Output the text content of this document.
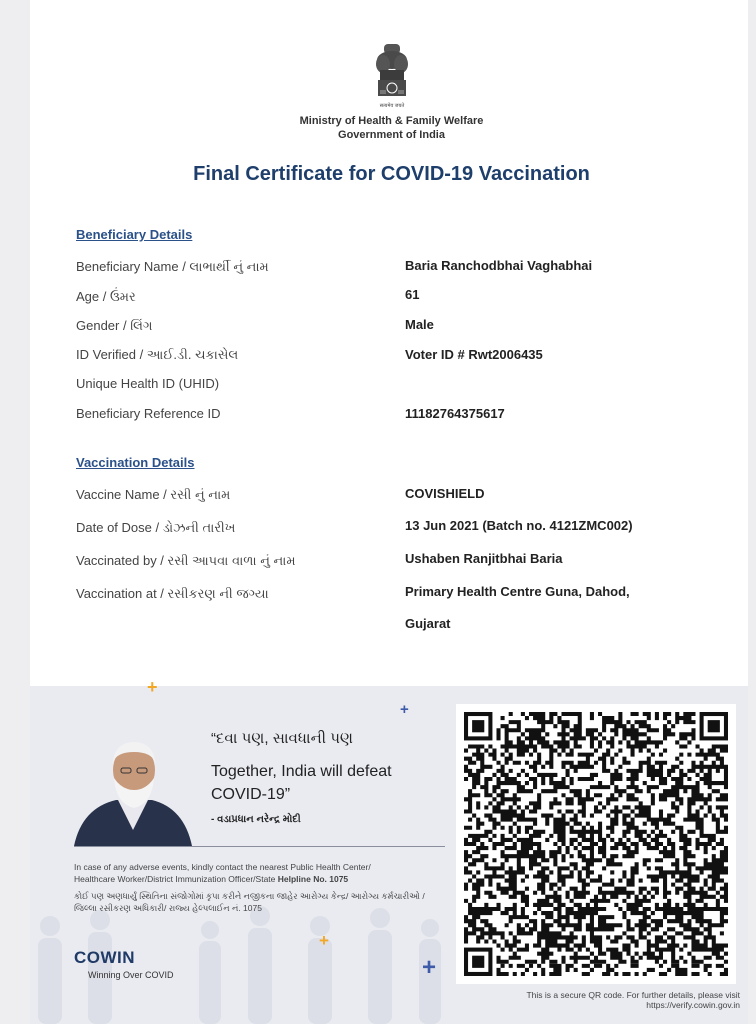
सत्यमेव जयते
Ministry of Health & Family Welfare
Government of India
Final Certificate for COVID-19 Vaccination
Beneficiary Details
Beneficiary Name / લાભાર્થી નું નામ	Baria Ranchodbhai Vaghabhai
Age / ઉંમર	61
Gender / લિંગ	Male
ID Verified / આઈ.ડી. ચકાસેલ	Voter ID # Rwt2006435
Unique Health ID (UHID)
Beneficiary Reference ID	11182764375617
Vaccination Details
Vaccine Name / રસી નું નામ	COVISHIELD
Date of Dose / ડોઝની તારીખ	13 Jun 2021 (Batch no. 4121ZMC002)
Vaccinated by / રસી આપવા વાળા નું નામ	Ushaben Ranjitbhai Baria
Vaccination at / રસીકરણ ની જગ્યા	Primary Health Centre Guna, Dahod,
Gujarat
+
+
+
+
“દવા પણ, સાવધાની પણ
Together, India will defeat
COVID-19”
- વડાપ્રધાન નરેન્દ્ર મોદી
In case of any adverse events, kindly contact the nearest Public Health Center/
Healthcare Worker/District Immunization Officer/State Helpline No. 1075
કોઈ પણ અણધાર્યું સ્થિતિના સંજોગોમાં કૃપા કરીને નજીકના જાહેર આરોગ્ય કેન્દ્ર/ આરોગ્ય કર્મચારીઓ /
જિલ્લા રસીકરણ અધિકારી/ રાજ્ય હેલ્પલાઈન નં. 1075
COWIN
Winning Over COVID
This is a secure QR code. For further details, please visit
https://verify.cowin.gov.in
